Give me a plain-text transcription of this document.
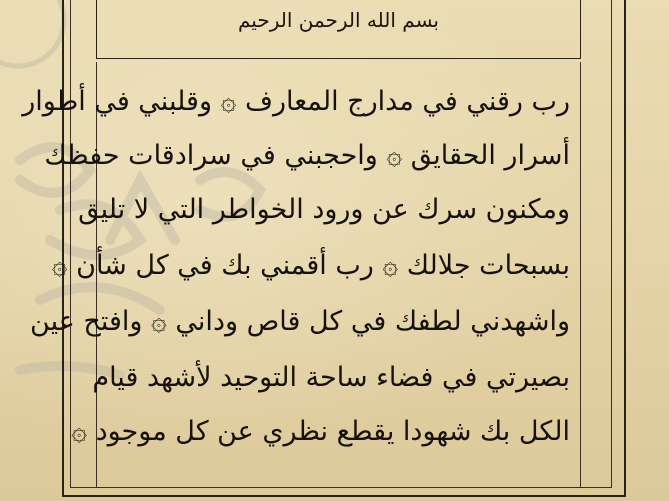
بسم الله الرحمن الرحيم
رب رقني في مدارج المعارف ۞ وقلبني في أطوار
أسرار الحقايق ۞ واحجبني في سرادقات حفظك
ومكنون سرك عن ورود الخواطر التي لا تليق
بسبحات جلالك ۞ رب أقمني بك في كل شأن ۞
واشهدني لطفك في كل قاص وداني ۞ وافتح عين
بصيرتي في فضاء ساحة التوحيد لأشهد قيام
الكل بك شهودا يقطع نظري عن كل موجود ۞
